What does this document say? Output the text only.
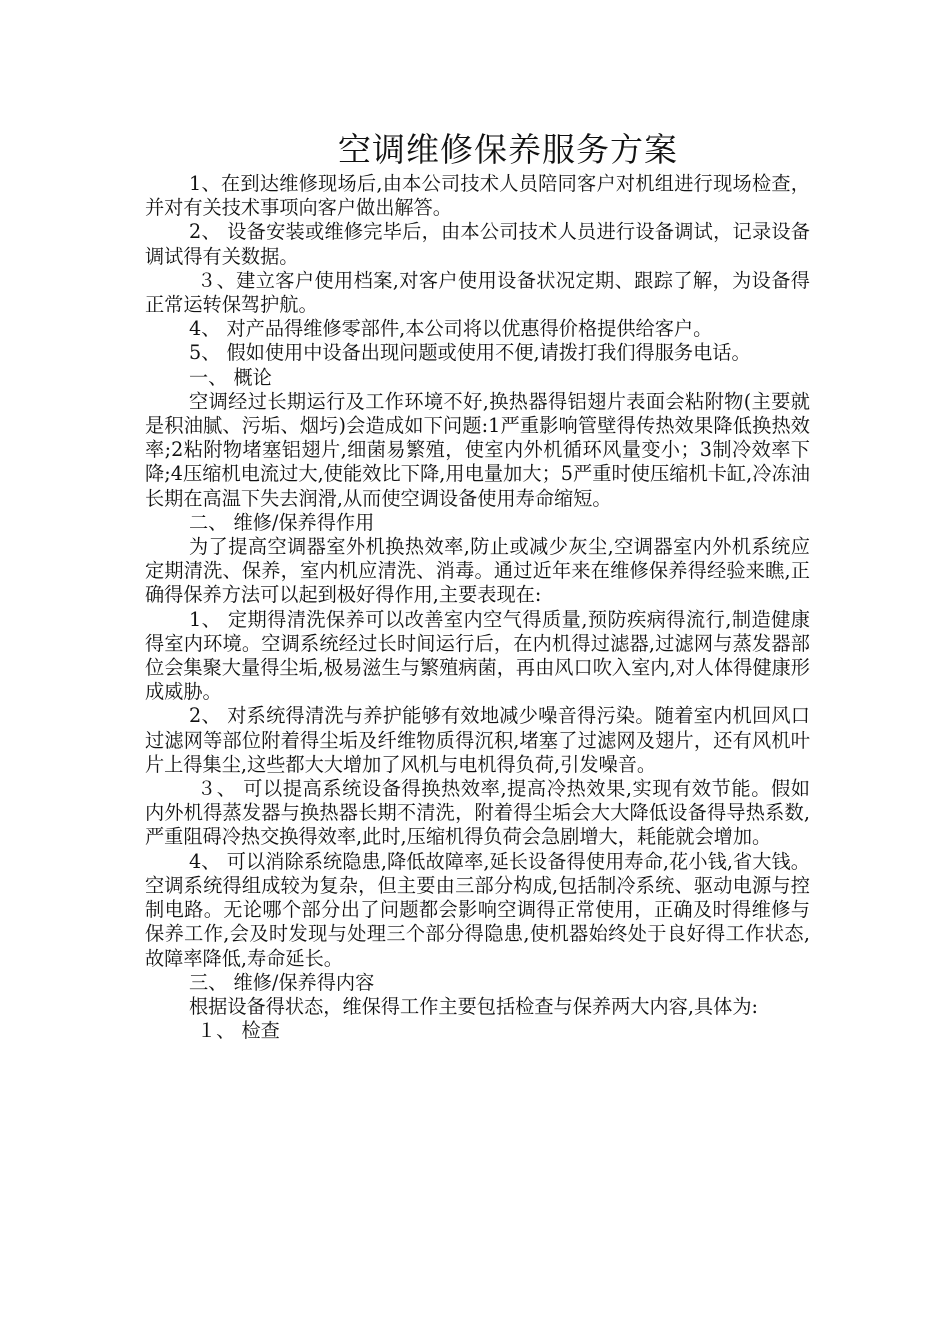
空调维修保养服务方案

1、在到达维修现场后,由本公司技术人员陪同客户对机组进行现场检查，并对有关技术事项向客户做出解答。

2、 设备安装或维修完毕后，由本公司技术人员进行设备调试，记录设备调试得有关数据。

３、建立客户使用档案,对客户使用设备状况定期、跟踪了解，为设备得正常运转保驾护航。

4、 对产品得维修零部件,本公司将以优惠得价格提供给客户。

5、 假如使用中设备出现问题或使用不便,请拨打我们得服务电话。

一、 概论

空调经过长期运行及工作环境不好,换热器得铝翅片表面会粘附物(主要就是积油腻、污垢、烟圬)会造成如下问题:1严重影响管壁得传热效果降低换热效率;2粘附物堵塞铝翅片,细菌易繁殖，使室内外机循环风量变小；3制冷效率下降;4压缩机电流过大,使能效比下降,用电量加大；5严重时使压缩机卡缸,冷冻油长期在高温下失去润滑,从而使空调设备使用寿命缩短。

二、 维修/保养得作用

为了提高空调器室外机换热效率,防止或减少灰尘,空调器室内外机系统应定期清洗、保养，室内机应清洗、消毒。通过近年来在维修保养得经验来瞧,正确得保养方法可以起到极好得作用,主要表现在:

1、 定期得清洗保养可以改善室内空气得质量,预防疾病得流行,制造健康得室内环境。空调系统经过长时间运行后，在内机得过滤器,过滤网与蒸发器部位会集聚大量得尘垢,极易滋生与繁殖病菌，再由风口吹入室内,对人体得健康形成威胁。

2、 对系统得清洗与养护能够有效地减少噪音得污染。随着室内机回风口过滤网等部位附着得尘垢及纤维物质得沉积,堵塞了过滤网及翅片，还有风机叶片上得集尘,这些都大大增加了风机与电机得负荷,引发噪音。

３、 可以提高系统设备得换热效率,提高冷热效果,实现有效节能。假如内外机得蒸发器与换热器长期不清洗，附着得尘垢会大大降低设备得导热系数,严重阻碍冷热交换得效率,此时,压缩机得负荷会急剧增大，耗能就会增加。

4、 可以消除系统隐患,降低故障率,延长设备得使用寿命,花小钱,省大钱。空调系统得组成较为复杂，但主要由三部分构成,包括制冷系统、驱动电源与控制电路。无论哪个部分出了问题都会影响空调得正常使用，正确及时得维修与保养工作,会及时发现与处理三个部分得隐患,使机器始终处于良好得工作状态,故障率降低,寿命延长。

三、 维修/保养得内容

根据设备得状态，维保得工作主要包括检查与保养两大内容,具体为:

１、 检查
